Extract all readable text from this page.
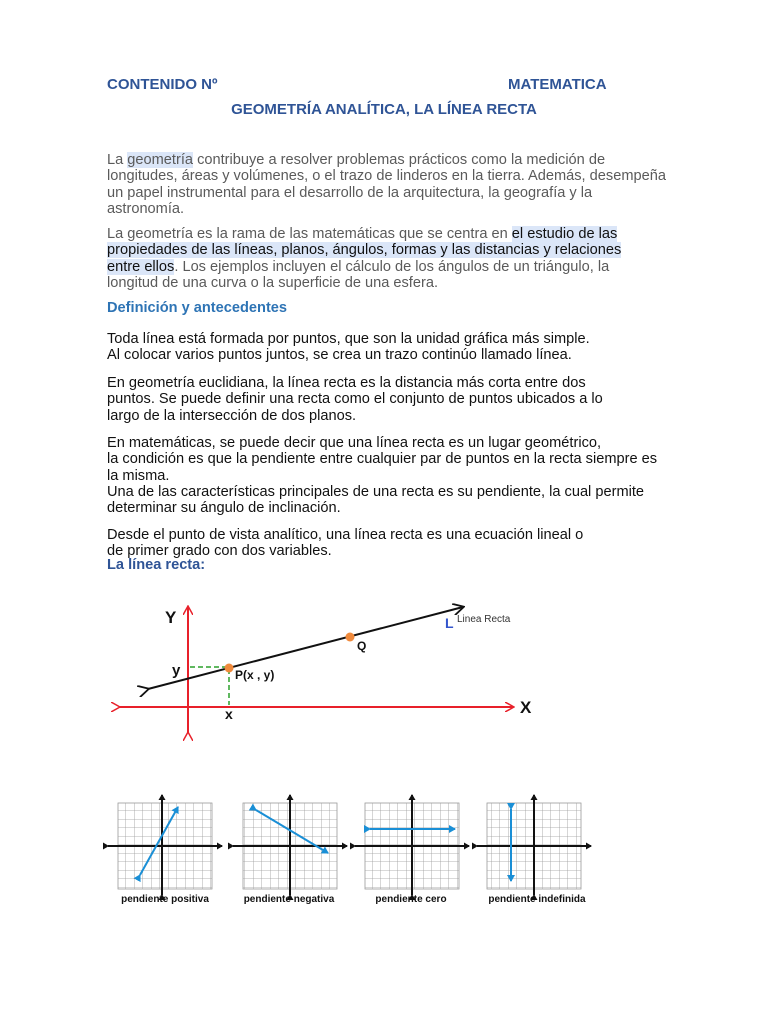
CONTENIDO Nº	MATEMATICA
GEOMETRÍA ANALÍTICA, LA LÍNEA RECTA
La geometría contribuye a resolver problemas prácticos como la medición de longitudes, áreas y volúmenes, o el trazo de linderos en la tierra. Además, desempeña un papel instrumental para el desarrollo de la arquitectura, la geografía y la astronomía.
La geometría es la rama de las matemáticas que se centra en el estudio de las propiedades de las líneas, planos, ángulos, formas y las distancias y relaciones entre ellos. Los ejemplos incluyen el cálculo de los ángulos de un triángulo, la longitud de una curva o la superficie de una esfera.
Definición y antecedentes
Toda línea está formada por puntos, que son la unidad gráfica más simple.
Al colocar varios puntos juntos, se crea un trazo continúo llamado línea.
En geometría euclidiana, la línea recta es la distancia más corta entre dos puntos. Se puede definir una recta como el conjunto de puntos ubicados a lo largo de la intersección de dos planos.
En matemáticas, se puede decir que una línea recta es un lugar geométrico,
la condición es que la pendiente entre cualquier par de puntos en la recta siempre es la misma.
Una de las características principales de una recta es su pendiente, la cual permite determinar su ángulo de inclinación.
Desde el punto de vista analítico, una línea recta es una ecuación lineal o
de primer grado con dos variables.
La línea recta:
Y
X
y
x
P(x , y)
Q
L Linea Recta
pendiente positiva	pendiente negativa	pendiente cero	pendiente indefinida
